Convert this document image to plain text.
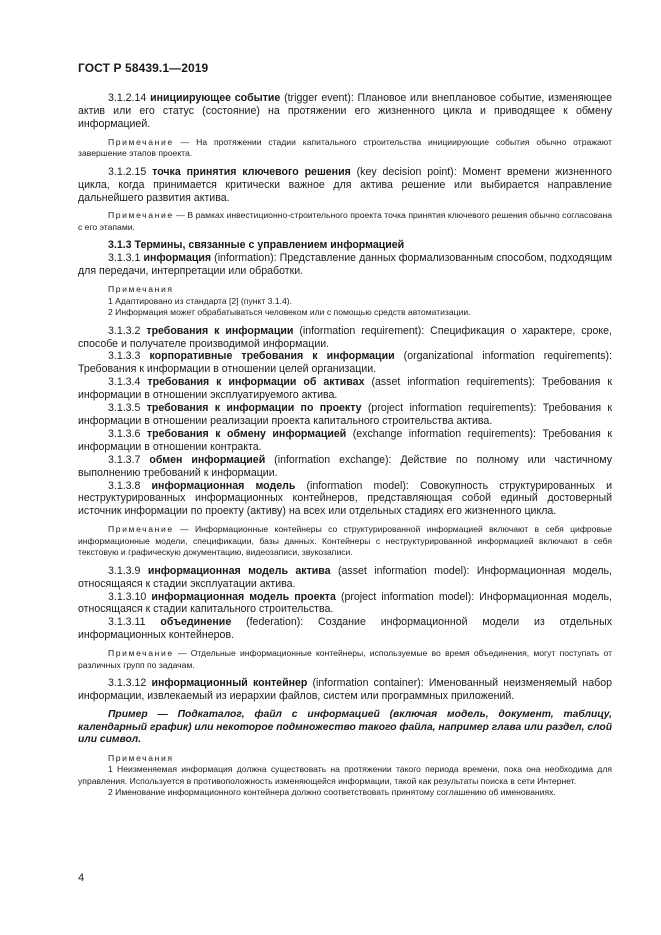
ГОСТ Р 58439.1—2019

3.1.2.14 инициирующее событие (trigger event): Плановое или внеплановое событие, изменяющее актив или его статус (состояние) на протяжении его жизненного цикла и приводящее к обмену информацией.

Примечание — На протяжении стадии капитального строительства инициирующие события обычно отражают завершение этапов проекта.

3.1.2.15 точка принятия ключевого решения (key decision point): Момент времени жизненного цикла, когда принимается критически важное для актива решение или выбирается направление дальнейшего развития актива.

Примечание — В рамках инвестиционно-строительного проекта точка принятия ключевого решения обычно согласована с его этапами.

3.1.3 Термины, связанные с управлением информацией

3.1.3.1 информация (information): Представление данных формализованным способом, подходящим для передачи, интерпретации или обработки.

Примечания

1 Адаптировано из стандарта [2] (пункт 3.1.4).

2 Информация может обрабатываться человеком или с помощью средств автоматизации.

3.1.3.2 требования к информации (information requirement): Спецификация о характере, сроке, способе и получателе производимой информации.

3.1.3.3 корпоративные требования к информации (organizational information requirements): Требования к информации в отношении целей организации.

3.1.3.4 требования к информации об активах (asset information requirements): Требования к информации в отношении эксплуатируемого актива.

3.1.3.5 требования к информации по проекту (project information requirements): Требования к информации в отношении реализации проекта капитального строительства актива.

3.1.3.6 требования к обмену информацией (exchange information requirements): Требования к информации в отношении контракта.

3.1.3.7 обмен информацией (information exchange): Действие по полному или частичному выполнению требований к информации.

3.1.3.8 информационная модель (information model): Совокупность структурированных и неструктурированных информационных контейнеров, представляющая собой единый достоверный источник информации по проекту (активу) на всех или отдельных стадиях его жизненного цикла.

Примечание — Информационные контейнеры со структурированной информацией включают в себя цифровые информационные модели, спецификации, базы данных. Контейнеры с неструктурированной информацией включают в себя текстовую и графическую документацию, видеозаписи, звукозаписи.

3.1.3.9 информационная модель актива (asset information model): Информационная модель, относящаяся к стадии эксплуатации актива.

3.1.3.10 информационная модель проекта (project information model): Информационная модель, относящаяся к стадии капитального строительства.

3.1.3.11 объединение (federation): Создание информационной модели из отдельных информационных контейнеров.

Примечание — Отдельные информационные контейнеры, используемые во время объединения, могут поступать от различных групп по задачам.

3.1.3.12 информационный контейнер (information container): Именованный неизменяемый набор информации, извлекаемый из иерархии файлов, систем или программных приложений.

Пример — Подкаталог, файл с информацией (включая модель, документ, таблицу, календарный график) или некоторое подмножество такого файла, например глава или раздел, слой или символ.

Примечания

1 Неизменяемая информация должна существовать на протяжении такого периода времени, пока она необходима для управления. Используется в противоположность изменяющейся информации, такой как результаты поиска в сети Интернет.

2 Именование информационного контейнера должно соответствовать принятому соглашению об именованиях.

4
